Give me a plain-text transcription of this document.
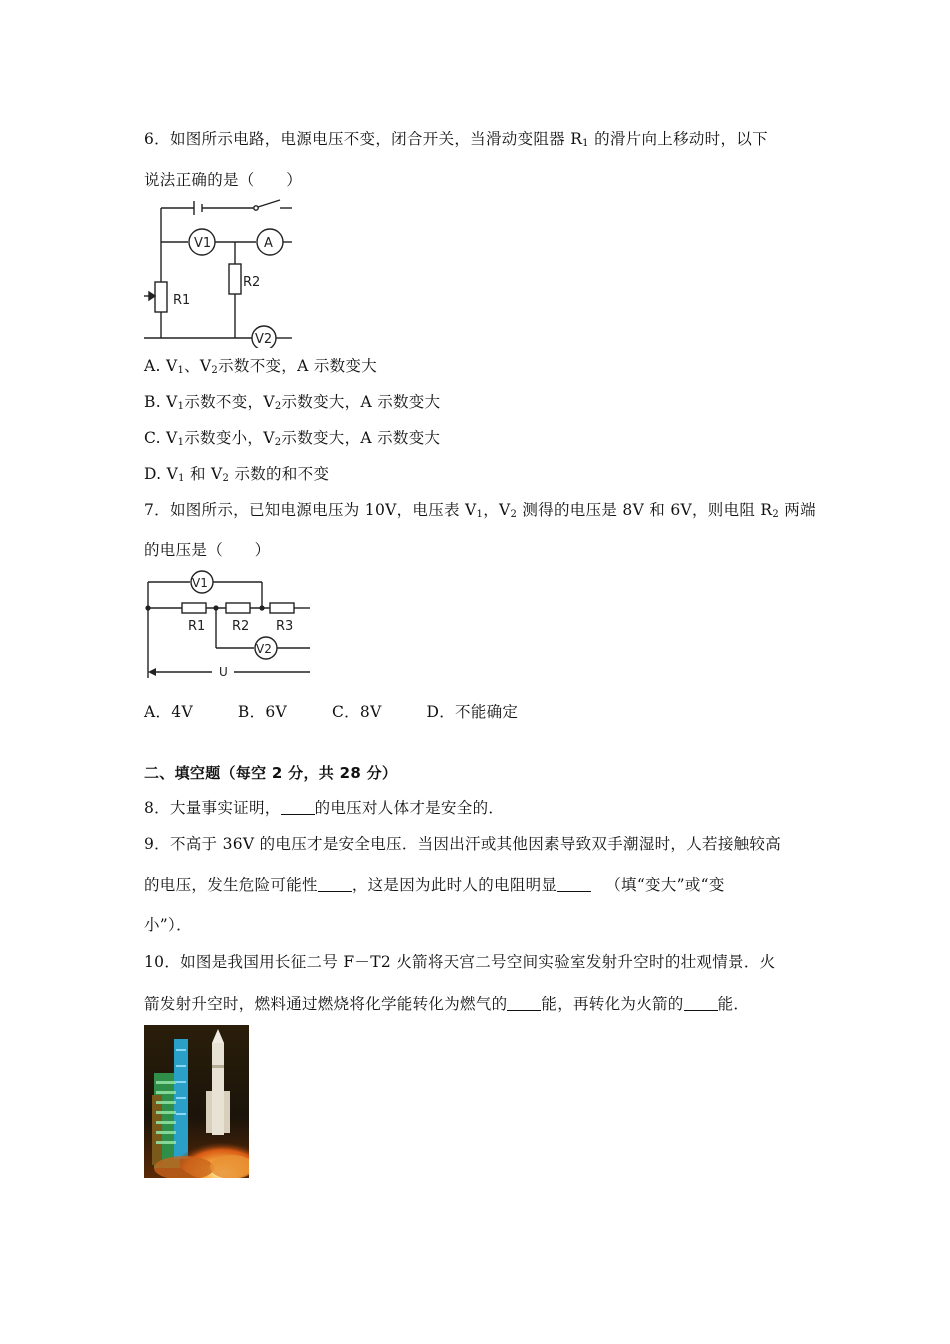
6．如图所示电路，电源电压不变，闭合开关，当滑动变阻器 $R_1$ 的滑片向上移动时，以下
说法正确的是（　　）
V1	A
R2
R1
V2
A. $V_1$、$V_2$示数不变，A 示数变大
B. $V_1$示数不变，$V_2$示数变大，A 示数变大
C. $V_1$示数变小，$V_2$示数变大，A 示数变大
D. $V_1$ 和 $V_2$ 示数的和不变
7．如图所示，已知电源电压为 10V，电压表 $V_1$，$V_2$ 测得的电压是 8V 和 6V，则电阻 $R_2$ 两端
的电压是（　　）
V1
R1 R2 R3
V2
U
A．4V	B．6V	C．8V	D．不能确定
二、填空题（每空 2 分，共 28 分）
8．大量事实证明， 的电压对人体才是安全的．
9．不高于 36V 的电压才是安全电压．当因出汗或其他因素导致双手潮湿时，人若接触较高
的电压，发生危险可能性 ，这是因为此时人的电阻明显	（填“变大”或“变
小”）．
10．如图是我国用长征二号 F－T2 火箭将天宫二号空间实验室发射升空时的壮观情景．火
箭发射升空时，燃料通过燃烧将化学能转化为燃气的 能，再转化为火箭的 能．
